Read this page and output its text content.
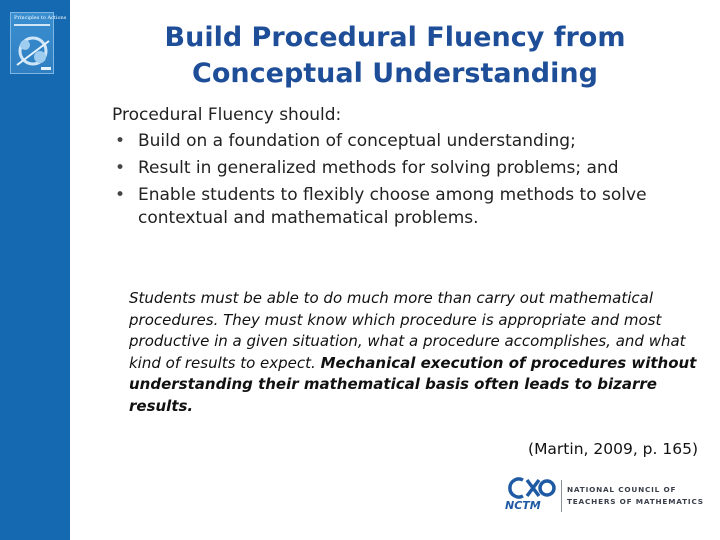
Principles to Actions
Build Procedural Fluency from
Conceptual Understanding
Procedural Fluency should:
• Build on a foundation of conceptual understanding;
• Result in generalized methods for solving problems; and
• Enable students to flexibly choose among methods to solve contextual and mathematical problems.
Students must be able to do much more than carry out mathematical procedures. They must know which procedure is appropriate and most productive in a given situation, what a procedure accomplishes, and what kind of results to expect. Mechanical execution of procedures without understanding their mathematical basis often leads to bizarre results.
(Martin, 2009, p. 165)
NCTM
NATIONAL COUNCIL OF
TEACHERS OF MATHEMATICS
